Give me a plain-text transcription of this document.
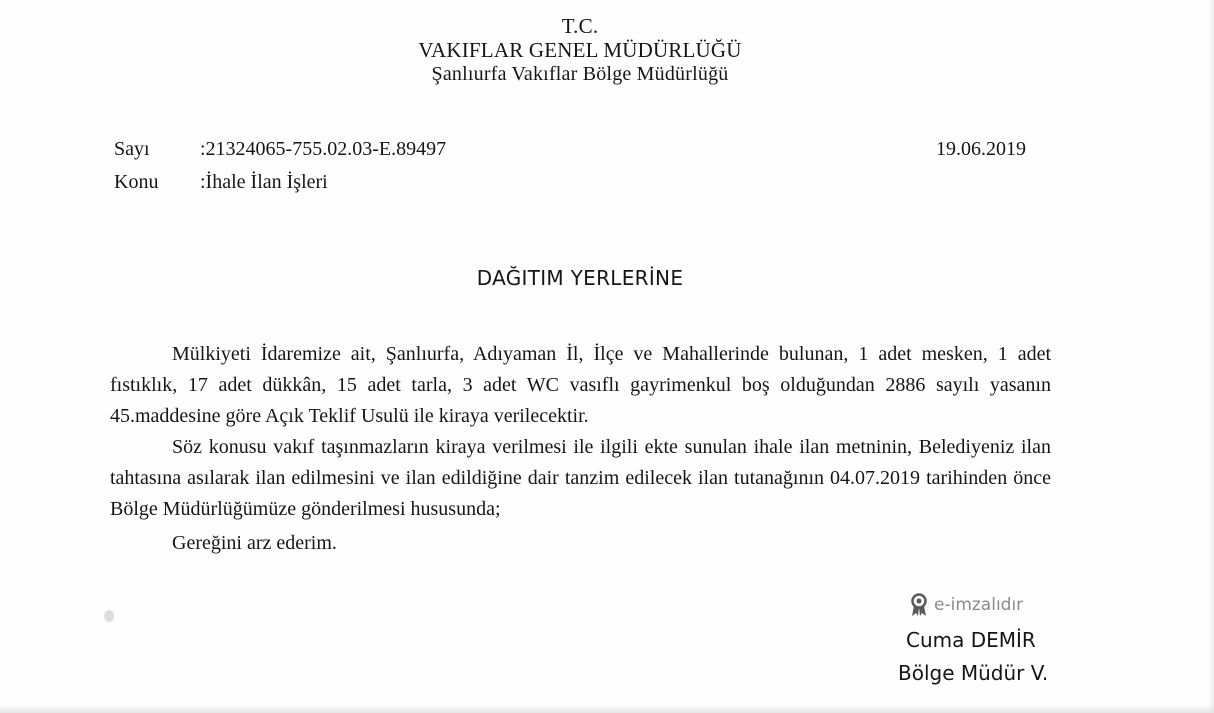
T.C.
VAKIFLAR GENEL MÜDÜRLÜĞÜ
Şanlıurfa Vakıflar Bölge Müdürlüğü
Sayı	:21324065-755.02.03-E.89497	19.06.2019
Konu :İhale İlan İşleri
DAĞITIM YERLERİNE
Mülkiyeti İdaremize ait, Şanlıurfa, Adıyaman İl, İlçe ve Mahallerinde bulunan, 1 adet mesken, 1 adet fıstıklık, 17 adet dükkân, 15 adet tarla, 3 adet WC vasıflı gayrimenkul boş olduğundan 2886 sayılı yasanın 45.maddesine göre Açık Teklif Usulü ile kiraya verilecektir.
Söz konusu vakıf taşınmazların kiraya verilmesi ile ilgili ekte sunulan ihale ilan metninin, Belediyeniz ilan tahtasına asılarak ilan edilmesini ve ilan edildiğine dair tanzim edilecek ilan tutanağının 04.07.2019 tarihinden önce Bölge Müdürlüğümüze gönderilmesi hususunda;
Gereğini arz ederim.
e-imzalıdır
Cuma DEMİR
Bölge Müdür V.
